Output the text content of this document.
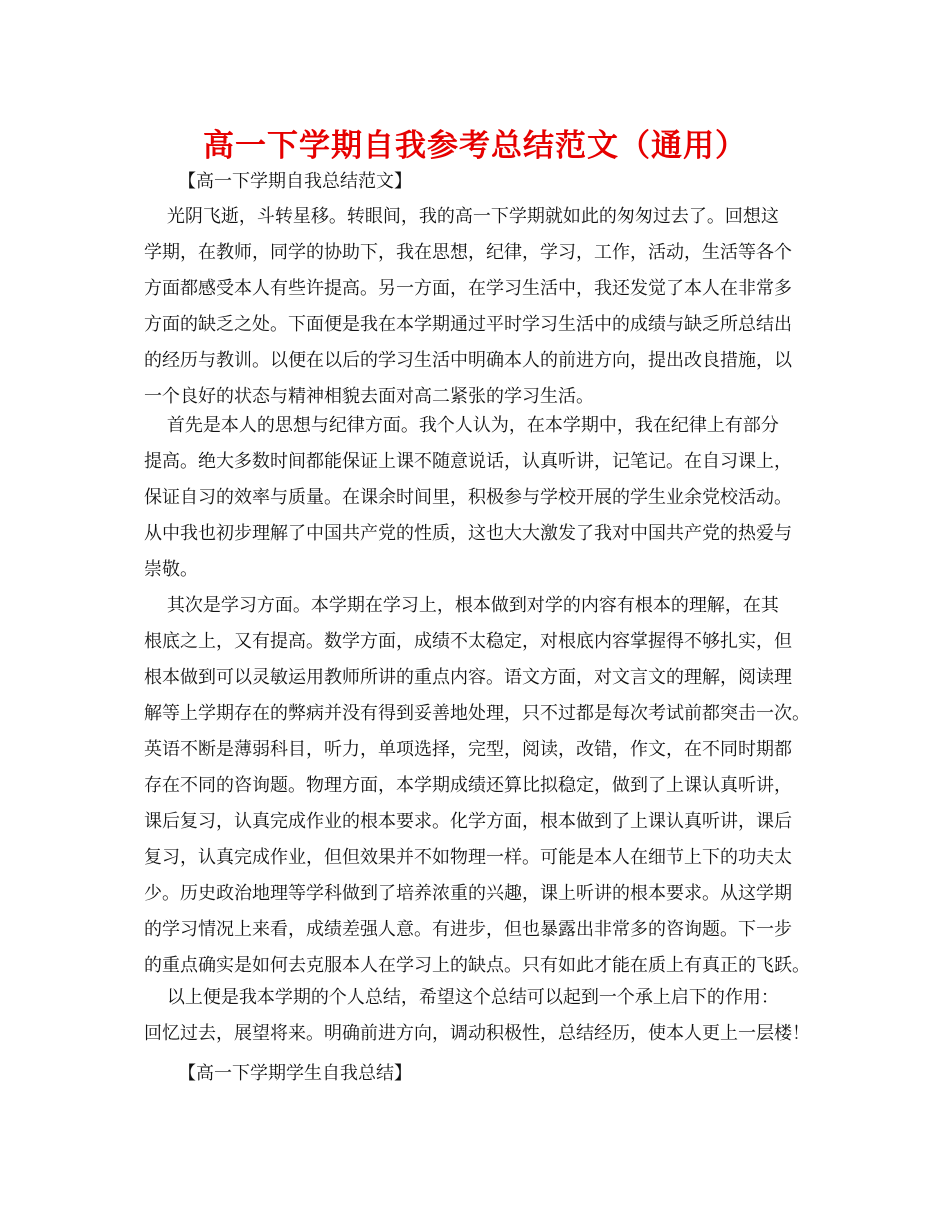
高一下学期自我参考总结范文（通用）
【高一下学期自我总结范文】
光阴飞逝，斗转星移。转眼间，我的高一下学期就如此的匆匆过去了。回想这
学期，在教师，同学的协助下，我在思想，纪律，学习，工作，活动，生活等各个
方面都感受本人有些许提高。另一方面，在学习生活中，我还发觉了本人在非常多
方面的缺乏之处。下面便是我在本学期通过平时学习生活中的成绩与缺乏所总结出
的经历与教训。以便在以后的学习生活中明确本人的前进方向，提出改良措施，以
一个良好的状态与精神相貌去面对高二紧张的学习生活。
首先是本人的思想与纪律方面。我个人认为，在本学期中，我在纪律上有部分
提高。绝大多数时间都能保证上课不随意说话，认真听讲，记笔记。在自习课上，
保证自习的效率与质量。在课余时间里，积极参与学校开展的学生业余党校活动。
从中我也初步理解了中国共产党的性质，这也大大激发了我对中国共产党的热爱与
崇敬。
其次是学习方面。本学期在学习上，根本做到对学的内容有根本的理解，在其
根底之上，又有提高。数学方面，成绩不太稳定，对根底内容掌握得不够扎实，但
根本做到可以灵敏运用教师所讲的重点内容。语文方面，对文言文的理解，阅读理
解等上学期存在的弊病并没有得到妥善地处理，只不过都是每次考试前都突击一次。
英语不断是薄弱科目，听力，单项选择，完型，阅读，改错，作文，在不同时期都
存在不同的咨询题。物理方面，本学期成绩还算比拟稳定，做到了上课认真听讲，
课后复习，认真完成作业的根本要求。化学方面，根本做到了上课认真听讲，课后
复习，认真完成作业，但但效果并不如物理一样。可能是本人在细节上下的功夫太
少。历史政治地理等学科做到了培养浓重的兴趣，课上听讲的根本要求。从这学期
的学习情况上来看，成绩差强人意。有进步，但也暴露出非常多的咨询题。下一步
的重点确实是如何去克服本人在学习上的缺点。只有如此才能在质上有真正的飞跃。
以上便是我本学期的个人总结，希望这个总结可以起到一个承上启下的作用：
回忆过去，展望将来。明确前进方向，调动积极性，总结经历，使本人更上一层楼！
【高一下学期学生自我总结】
